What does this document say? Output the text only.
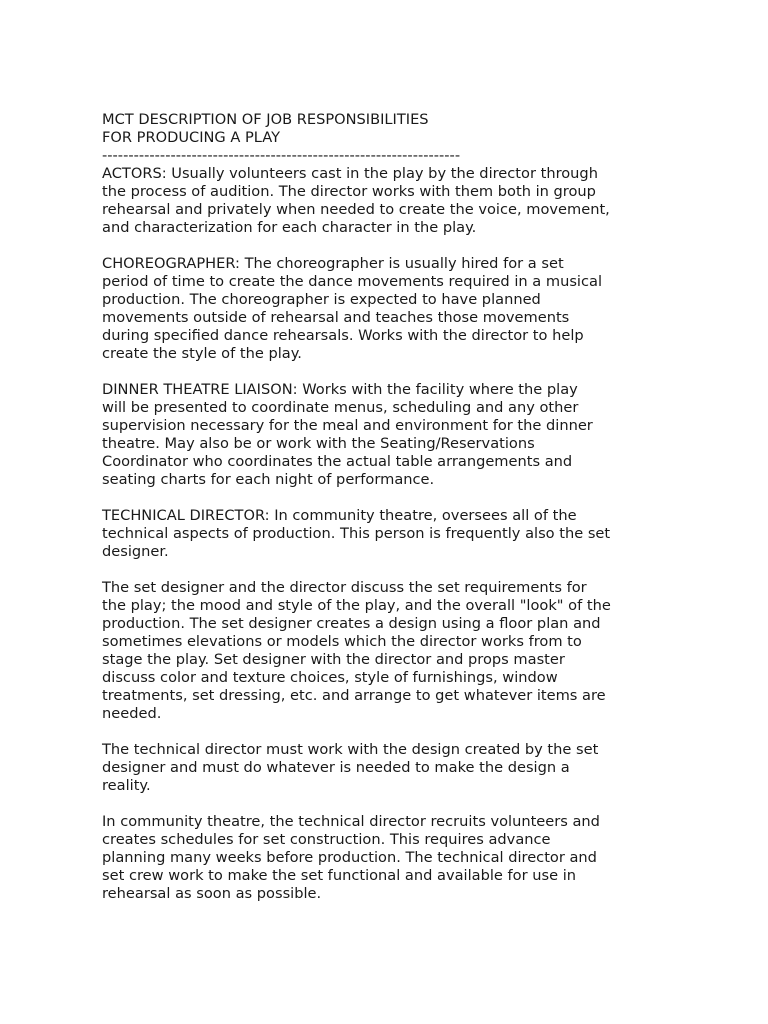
MCT DESCRIPTION OF JOB RESPONSIBILITIES
FOR PRODUCING A PLAY
--------------------------------------------------------------------

ACTORS: Usually volunteers cast in the play by the director through
the process of audition. The director works with them both in group
rehearsal and privately when needed to create the voice, movement,
and characterization for each character in the play.

CHOREOGRAPHER: The choreographer is usually hired for a set
period of time to create the dance movements required in a musical
production. The choreographer is expected to have planned
movements outside of rehearsal and teaches those movements
during specified dance rehearsals. Works with the director to help
create the style of the play.

DINNER THEATRE LIAISON: Works with the facility where the play
will be presented to coordinate menus, scheduling and any other
supervision necessary for the meal and environment for the dinner
theatre. May also be or work with the Seating/Reservations
Coordinator who coordinates the actual table arrangements and
seating charts for each night of performance.

TECHNICAL DIRECTOR: In community theatre, oversees all of the
technical aspects of production. This person is frequently also the set
designer.

The set designer and the director discuss the set requirements for
the play; the mood and style of the play, and the overall "look" of the
production. The set designer creates a design using a floor plan and
sometimes elevations or models which the director works from to
stage the play. Set designer with the director and props master
discuss color and texture choices, style of furnishings, window
treatments, set dressing, etc. and arrange to get whatever items are
needed.

The technical director must work with the design created by the set
designer and must do whatever is needed to make the design a
reality.

In community theatre, the technical director recruits volunteers and
creates schedules for set construction. This requires advance
planning many weeks before production. The technical director and
set crew work to make the set functional and available for use in
rehearsal as soon as possible.
